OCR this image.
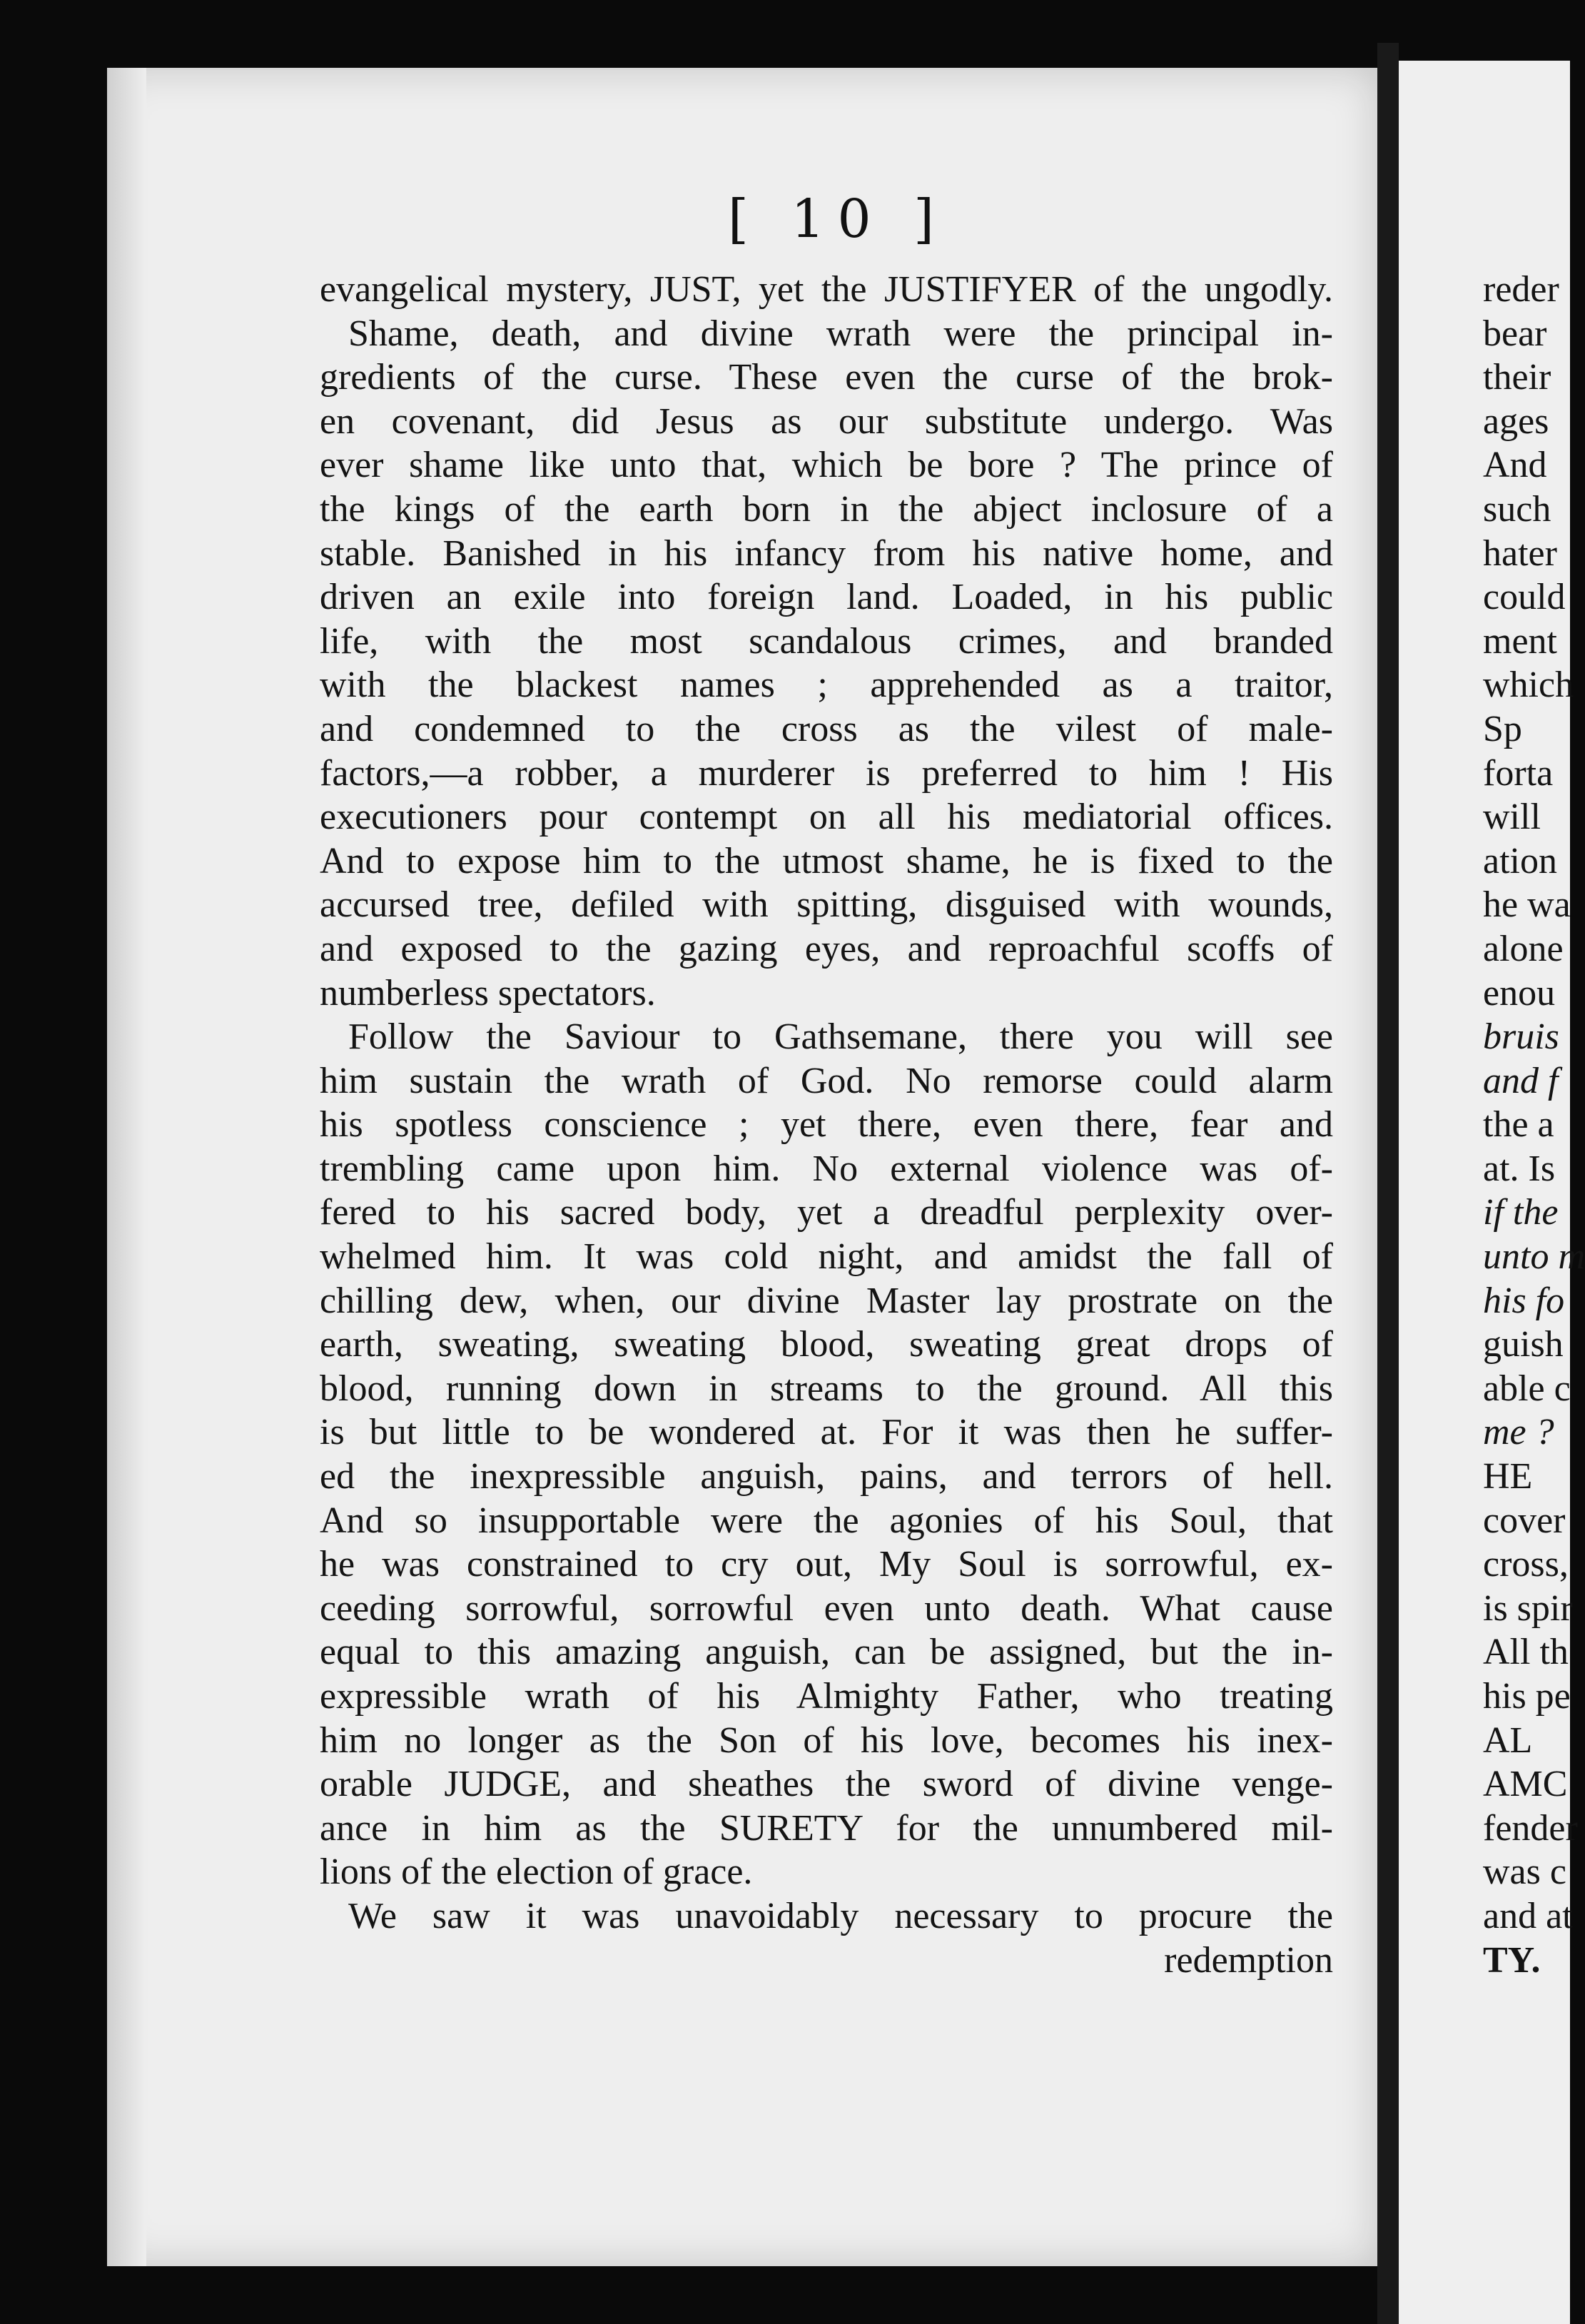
[ 10 ]
evangelical mystery, JUST, yet the JUSTIFYER of the ungodly.
Shame, death, and divine wrath were the principal in-
gredients of the curse. These even the curse of the brok-
en covenant, did Jesus as our substitute undergo. Was
ever shame like unto that, which be bore ? The prince of
the kings of the earth born in the abject inclosure of a
stable. Banished in his infancy from his native home, and
driven an exile into foreign land. Loaded, in his public
life, with the most scandalous crimes, and branded
with the blackest names ; apprehended as a traitor,
and condemned to the cross as the vilest of male-
factors,—a robber, a murderer is preferred to him ! His
executioners pour contempt on all his mediatorial offices.
And to expose him to the utmost shame, he is fixed to the
accursed tree, defiled with spitting, disguised with wounds,
and exposed to the gazing eyes, and reproachful scoffs of
numberless spectators.
Follow the Saviour to Gathsemane, there you will see
him sustain the wrath of God. No remorse could alarm
his spotless conscience ; yet there, even there, fear and
trembling came upon him. No external violence was of-
fered to his sacred body, yet a dreadful perplexity over-
whelmed him. It was cold night, and amidst the fall of
chilling dew, when, our divine Master lay prostrate on the
earth, sweating, sweating blood, sweating great drops of
blood, running down in streams to the ground. All this
is but little to be wondered at. For it was then he suffer-
ed the inexpressible anguish, pains, and terrors of hell.
And so insupportable were the agonies of his Soul, that
he was constrained to cry out, My Soul is sorrowful, ex-
ceeding sorrowful, sorrowful even unto death. What cause
equal to this amazing anguish, can be assigned, but the in-
expressible wrath of his Almighty Father, who treating
him no longer as the Son of his love, becomes his inex-
orable JUDGE, and sheathes the sword of divine venge-
ance in him as the SURETY for the unnumbered mil-
lions of the election of grace.
We saw it was unavoidably necessary to procure the
redemption
reder
bear
their
ages
And
such
hater
could
ment
which
Sp
forta
will
ation
he wa
alone
enou
bruis
and f
the a
at. Is
if the
unto m
his fo
guish
able c
me ?
HE
cover
cross,
is spir
All th
his pe
AL
AMC
fender
was c
and at
TY.
